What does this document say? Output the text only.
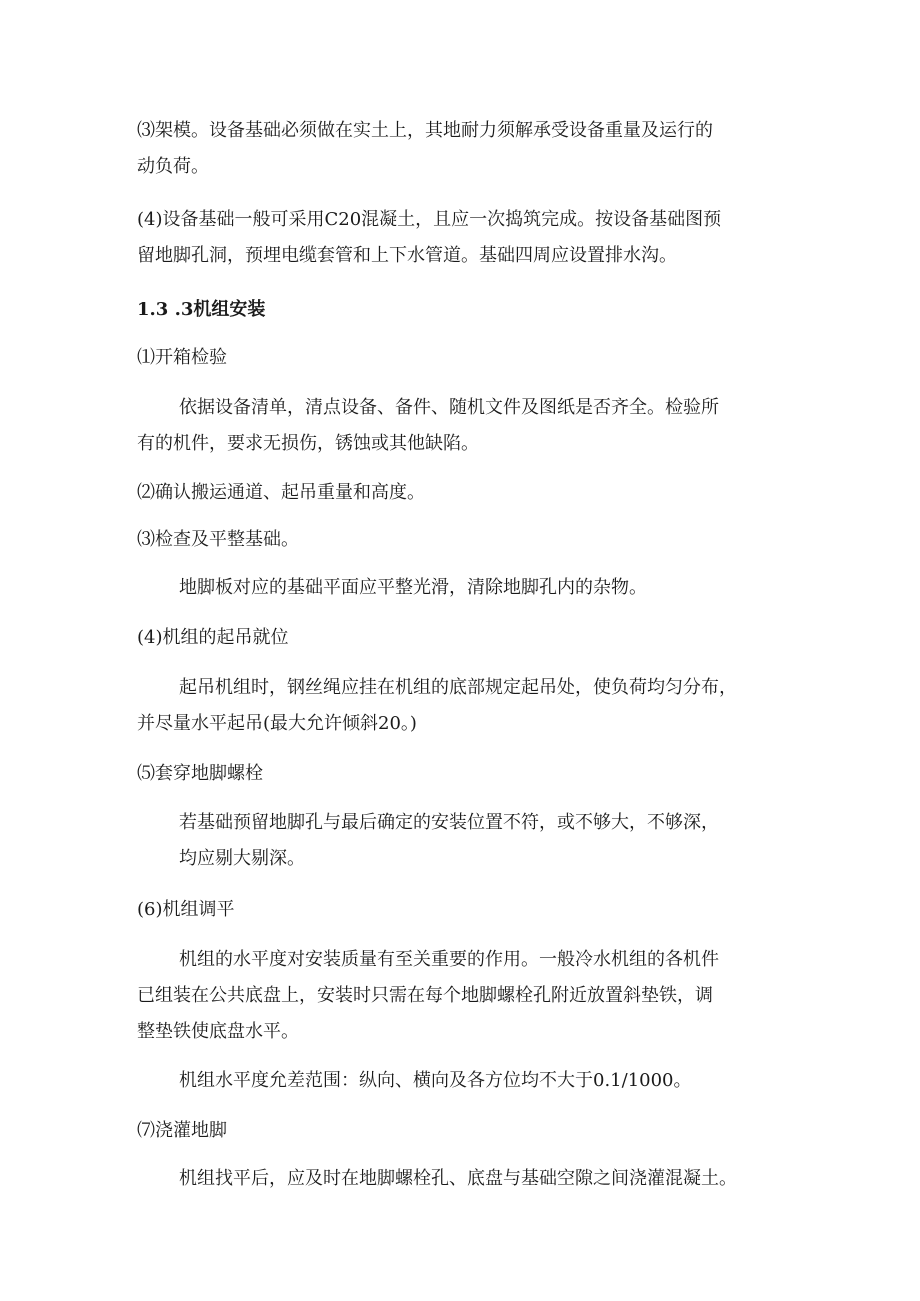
⑶架模。设备基础必须做在实土上，其地耐力须解承受设备重量及运行的
动负荷。
(4)设备基础一般可采用C20混凝土，且应一次捣筑完成。按设备基础图预
留地脚孔洞，预埋电缆套管和上下水管道。基础四周应设置排水沟。
1.3 .3机组安装
⑴开箱检验
依据设备清单，清点设备、备件、随机文件及图纸是否齐全。检验所
有的机件，要求无损伤，锈蚀或其他缺陷。
⑵确认搬运通道、起吊重量和高度。
⑶检查及平整基础。
地脚板对应的基础平面应平整光滑，清除地脚孔内的杂物。
(4)机组的起吊就位
起吊机组时，钢丝绳应挂在机组的底部规定起吊处，使负荷均匀分布，
并尽量水平起吊(最大允许倾斜20。)
⑸套穿地脚螺栓
若基础预留地脚孔与最后确定的安装位置不符，或不够大，不够深，
均应剔大剔深。
(6)机组调平
机组的水平度对安装质量有至关重要的作用。一般冷水机组的各机件
已组装在公共底盘上，安装时只需在每个地脚螺栓孔附近放置斜垫铁，调
整垫铁使底盘水平。
机组水平度允差范围：纵向、横向及各方位均不大于0.1/1000。
⑺浇灌地脚
机组找平后，应及时在地脚螺栓孔、底盘与基础空隙之间浇灌混凝土。
